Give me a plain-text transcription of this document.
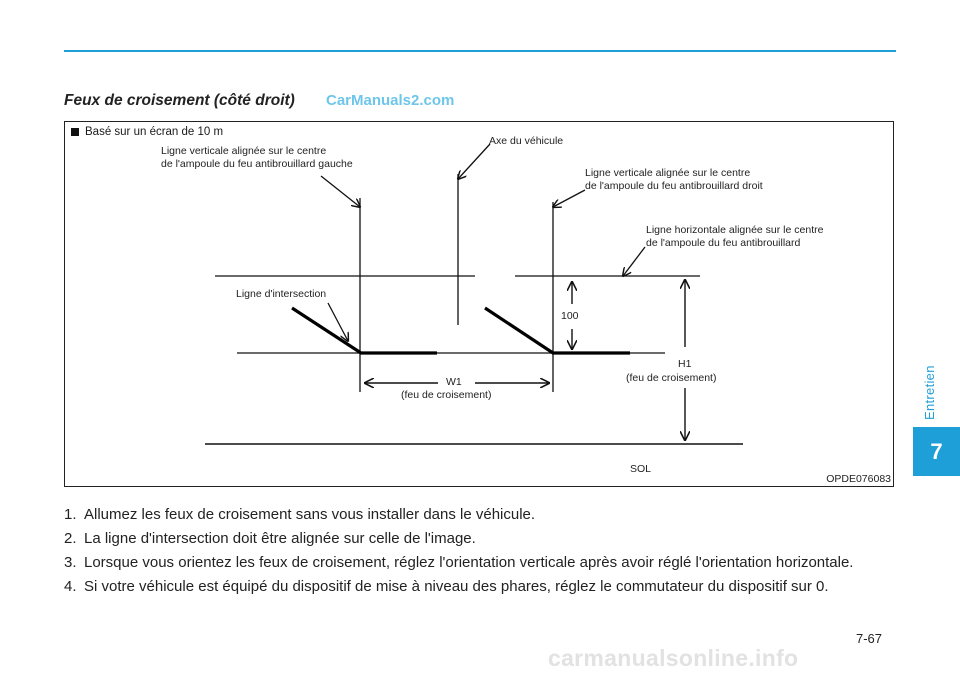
Feux de croisement (côté droit) CarManuals2.com
Basé sur un écran de 10 m
Ligne verticale alignée sur le centre
de l'ampoule du feu antibrouillard gauche
Axe du véhicule
Ligne verticale alignée sur le centre
de l'ampoule du feu antibrouillard droit
Ligne horizontale alignée sur le centre
de l'ampoule du feu antibrouillard
Ligne d'intersection
100
W1
(feu de croisement)
H1
(feu de croisement)
SOL
OPDE076083
1. Allumez les feux de croisement sans vous installer dans le véhicule.
2. La ligne d'intersection doit être alignée sur celle de l'image.
3. Lorsque vous orientez les feux de croisement, réglez l'orientation verticale après avoir réglé l'orientation horizontale.
4. Si votre véhicule est équipé du dispositif de mise à niveau des phares, réglez le commutateur du dispositif sur 0.
Entretien
7
7-67
carmanualsonline.info
